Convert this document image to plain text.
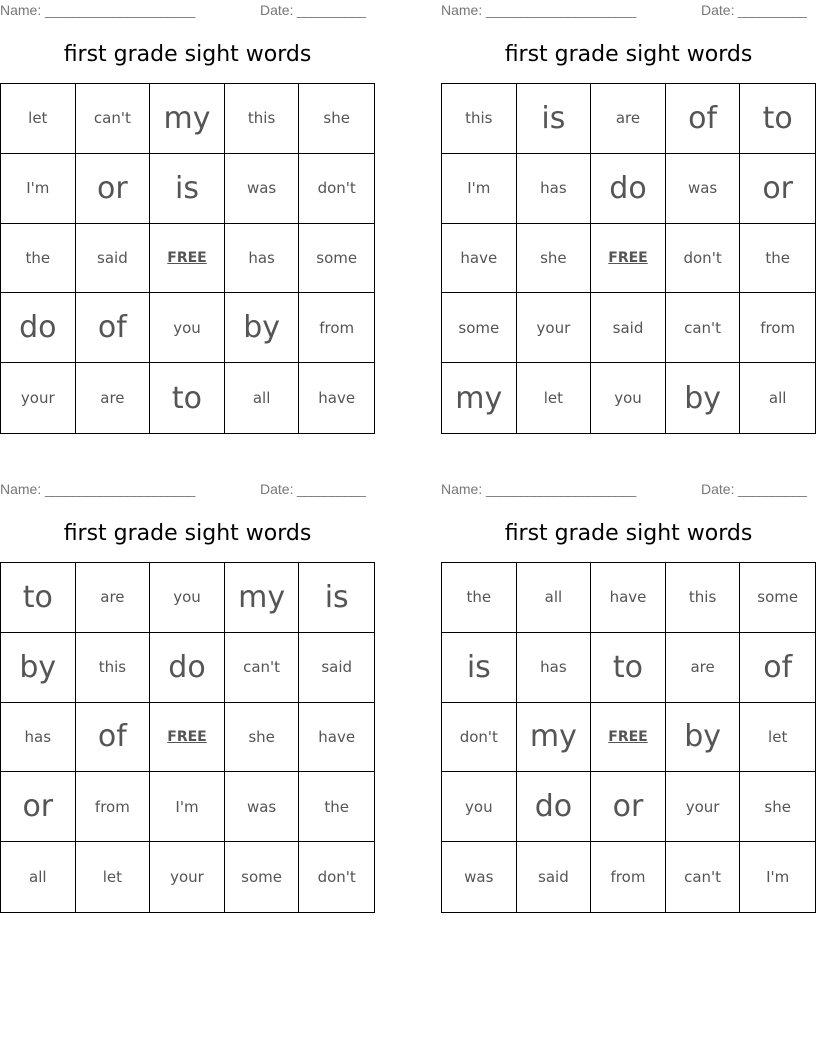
Name: ______________________	Date: __________
first grade sight words
let	can't	my	this	she
I'm	or	is	was	don't
the	said	FREE	has	some
do	of	you	by	from
your	are	to	all	have
Name: ______________________	Date: __________
first grade sight words
this	is	are	of	to
I'm	has	do	was	or
have	she	FREE	don't	the
some	your	said	can't	from
my	let	you	by	all
Name: ______________________	Date: __________
first grade sight words
to	are	you	my	is
by	this	do	can't	said
has	of	FREE	she	have
or	from	I'm	was	the
all	let	your	some	don't
Name: ______________________	Date: __________
first grade sight words
the	all	have	this	some
is	has	to	are	of
don't	my	FREE	by	let
you	do	or	your	she
was	said	from	can't	I'm
